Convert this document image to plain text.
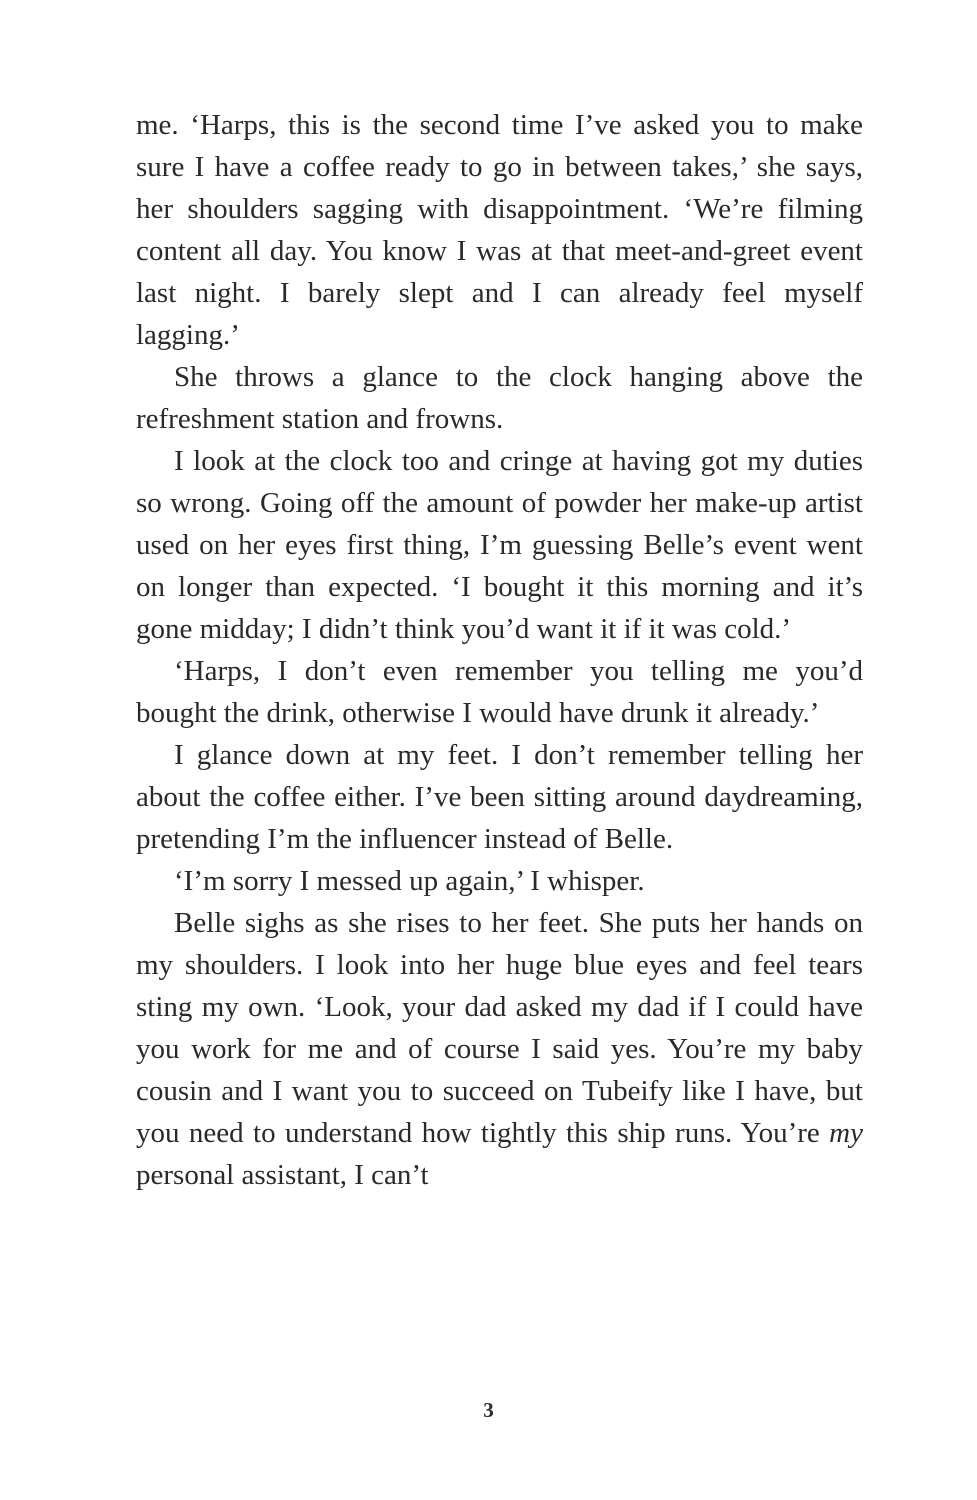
me. ‘Harps, this is the second time I’ve asked you to make sure I have a coffee ready to go in between takes,’ she says, her shoulders sagging with disappointment. ‘We’re filming content all day. You know I was at that meet-and-greet event last night. I barely slept and I can already feel myself lagging.’

She throws a glance to the clock hanging above the refreshment station and frowns.

I look at the clock too and cringe at having got my duties so wrong. Going off the amount of powder her make-up artist used on her eyes first thing, I’m guessing Belle’s event went on longer than expected. ‘I bought it this morning and it’s gone midday; I didn’t think you’d want it if it was cold.’

‘Harps, I don’t even remember you telling me you’d bought the drink, otherwise I would have drunk it already.’

I glance down at my feet. I don’t remember telling her about the coffee either. I’ve been sitting around daydreaming, pretending I’m the influencer instead of Belle.

‘I’m sorry I messed up again,’ I whisper.

Belle sighs as she rises to her feet. She puts her hands on my shoulders. I look into her huge blue eyes and feel tears sting my own. ‘Look, your dad asked my dad if I could have you work for me and of course I said yes. You’re my baby cousin and I want you to succeed on Tubeify like I have, but you need to understand how tightly this ship runs. You’re my personal assistant, I can’t

3
